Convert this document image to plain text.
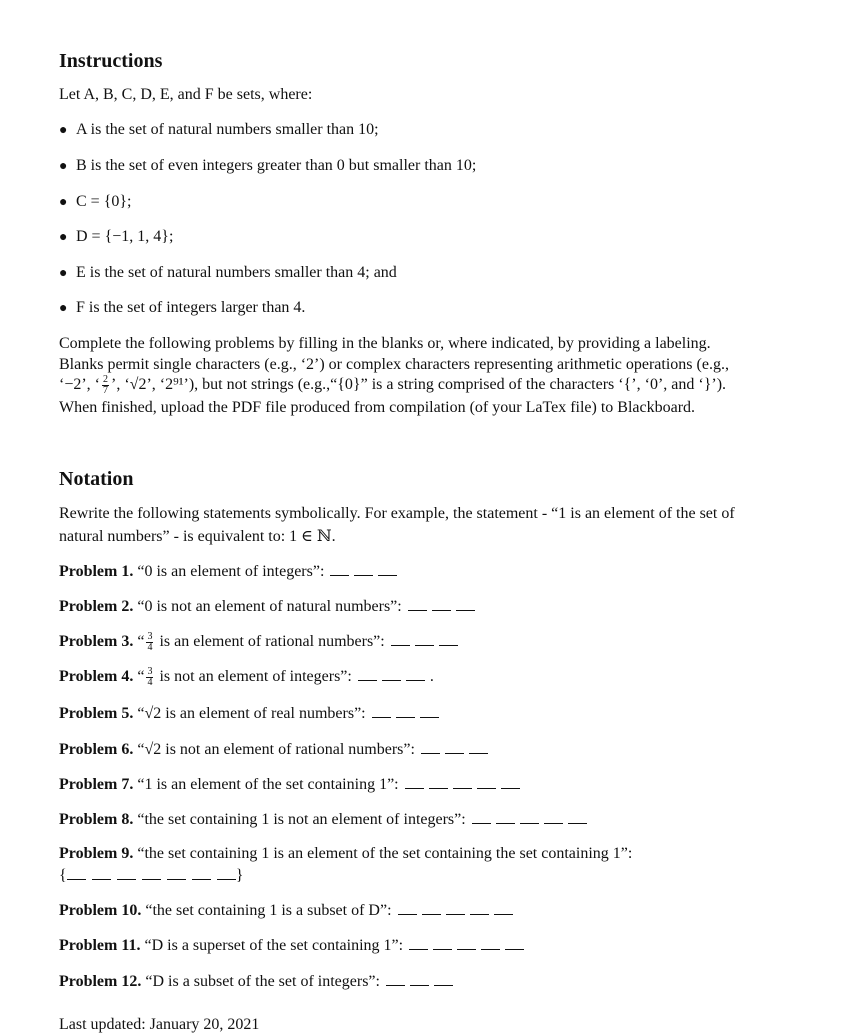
Instructions
Let A, B, C, D, E, and F be sets, where:
● A is the set of natural numbers smaller than 10;
● B is the set of even integers greater than 0 but smaller than 10;
● C = {0};
● D = {−1, 1, 4};
● E is the set of natural numbers smaller than 4; and
● F is the set of integers larger than 4.
Complete the following problems by filling in the blanks or, where indicated, by providing a labeling.
Blanks permit single characters (e.g., ‘2’) or complex characters representing arithmetic operations (e.g.,
‘−2’, ‘ $\frac{2}{7}$ ’, ‘√2’, ‘2⁹¹’), but not strings (e.g.,“{0}” is a string comprised of the characters ‘{’, ‘0’, and ‘}’).
When finished, upload the PDF file produced from compilation (of your LaTex file) to Blackboard.
Notation
Rewrite the following statements symbolically. For example, the statement - “1 is an element of the set of
natural numbers” - is equivalent to: 1 ∈ ℕ.
Problem 1. “0 is an element of integers”:
Problem 2. “0 is not an element of natural numbers”:
Problem 3. “ $\frac{3}{4}$ is an element of rational numbers”:
Problem 4. “ $\frac{3}{4}$ is not an element of integers”:	.
Problem 5. “√2 is an element of real numbers”:
Problem 6. “√2 is not an element of rational numbers”:
Problem 7. “1 is an element of the set containing 1”:
Problem 8. “the set containing 1 is not an element of integers”:
Problem 9. “the set containing 1 is an element of the set containing the set containing 1”:
{	}
Problem 10. “the set containing 1 is a subset of D”:
Problem 11. “D is a superset of the set containing 1”:
Problem 12. “D is a subset of the set of integers”:
Last updated: January 20, 2021
